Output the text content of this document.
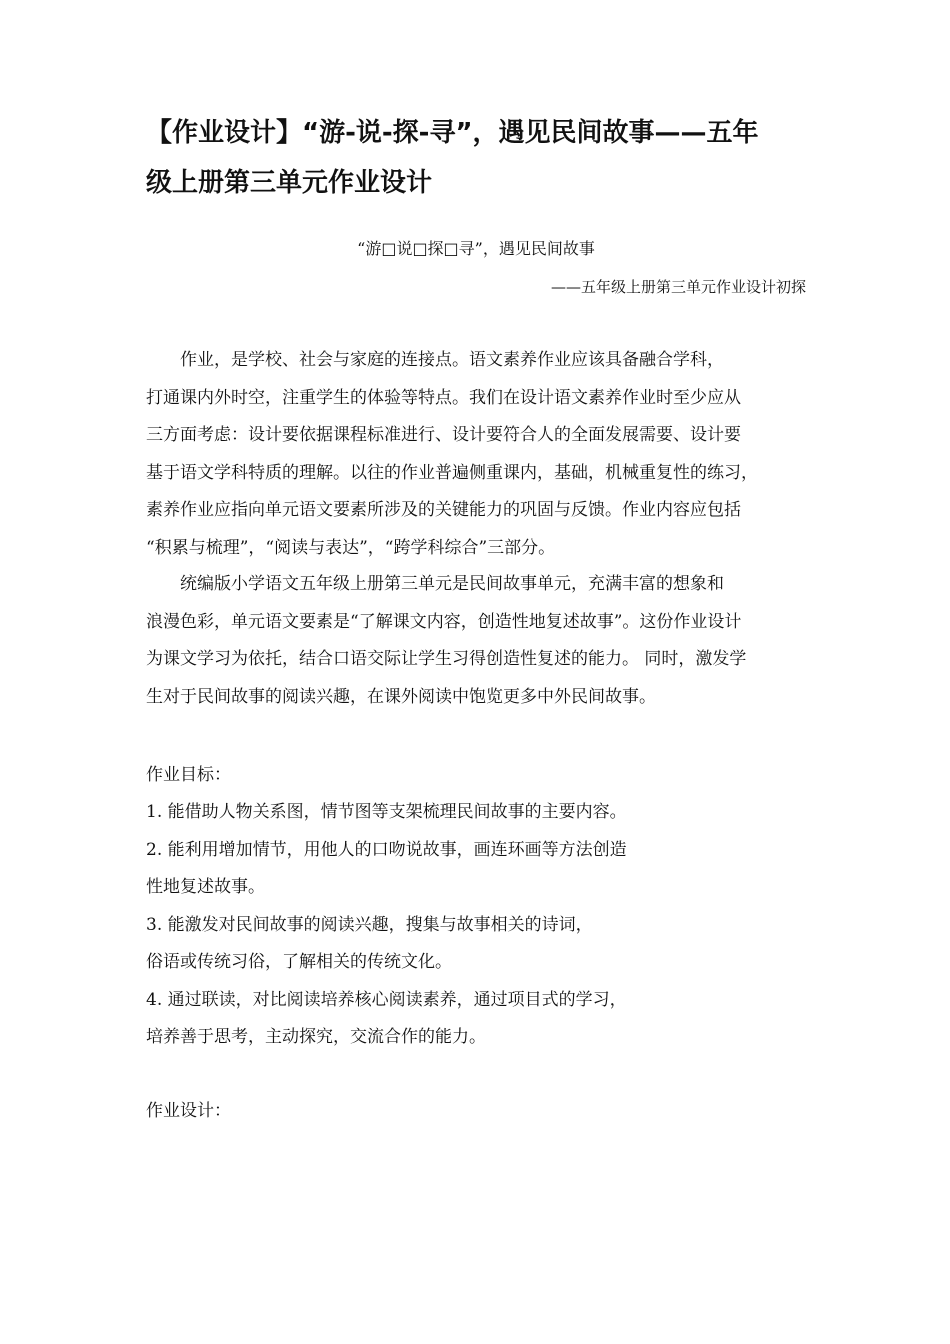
【作业设计】“游-说-探-寻”，遇见民间故事——五年
级上册第三单元作业设计

“游□说□探□寻”，遇见民间故事

——五年级上册第三单元作业设计初探

　　作业，是学校、社会与家庭的连接点。语文素养作业应该具备融合学科，
打通课内外时空，注重学生的体验等特点。我们在设计语文素养作业时至少应从
三方面考虑：设计要依据课程标准进行、设计要符合人的全面发展需要、设计要
基于语文学科特质的理解。以往的作业普遍侧重课内，基础，机械重复性的练习，
素养作业应指向单元语文要素所涉及的关键能力的巩固与反馈。作业内容应包括
“积累与梳理”，“阅读与表达”，“跨学科综合”三部分。

　　统编版小学语文五年级上册第三单元是民间故事单元，充满丰富的想象和
浪漫色彩，单元语文要素是“了解课文内容，创造性地复述故事”。这份作业设计
为课文学习为依托，结合口语交际让学生习得创造性复述的能力。 同时，激发学
生对于民间故事的阅读兴趣，在课外阅读中饱览更多中外民间故事。

作业目标：

1. 能借助人物关系图，情节图等支架梳理民间故事的主要内容。
2. 能利用增加情节，用他人的口吻说故事，画连环画等方法创造
性地复述故事。
3. 能激发对民间故事的阅读兴趣，搜集与故事相关的诗词，
俗语或传统习俗，了解相关的传统文化。
4. 通过联读，对比阅读培养核心阅读素养，通过项目式的学习，
培养善于思考，主动探究，交流合作的能力。

作业设计：
